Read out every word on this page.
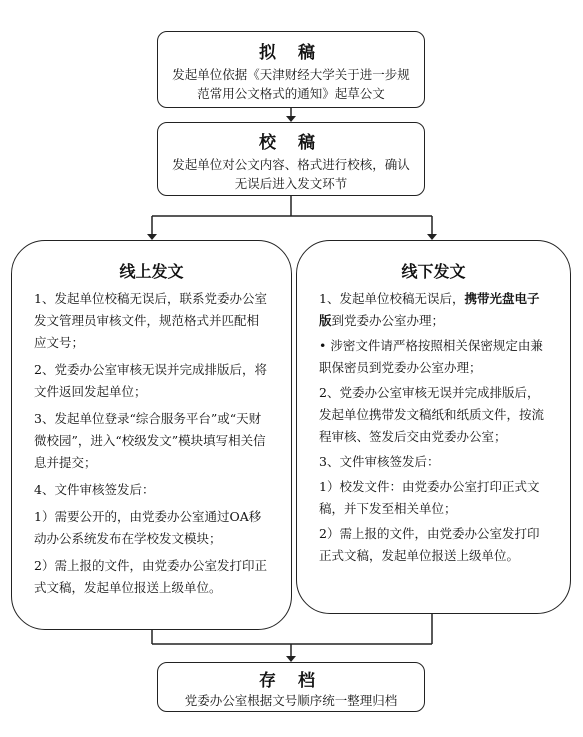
拟 稿
发起单位依据《天津财经大学关于进一步规范常用公文格式的通知》起草公文
校 稿
发起单位对公文内容、格式进行校核，确认无误后进入发文环节
线上发文
1、发起单位校稿无误后，联系党委办公室发文管理员审核文件，规范格式并匹配相应文号；
2、党委办公室审核无误并完成排版后，将文件返回发起单位；
3、发起单位登录“综合服务平台”或“天财微校园”，进入“校级发文”模块填写相关信息并提交；
4、文件审核签发后：
1）需要公开的，由党委办公室通过OA移动办公系统发布在学校发文模块；
2）需上报的文件，由党委办公室发打印正式文稿，发起单位报送上级单位。
线下发文
1、发起单位校稿无误后，携带光盘电子版到党委办公室办理；
• 涉密文件请严格按照相关保密规定由兼职保密员到党委办公室办理；
2、党委办公室审核无误并完成排版后，发起单位携带发文稿纸和纸质文件，按流程审核、签发后交由党委办公室；
3、文件审核签发后：
1）校发文件：由党委办公室打印正式文稿，并下发至相关单位；
2）需上报的文件，由党委办公室发打印正式文稿，发起单位报送上级单位。
存 档
党委办公室根据文号顺序统一整理归档
